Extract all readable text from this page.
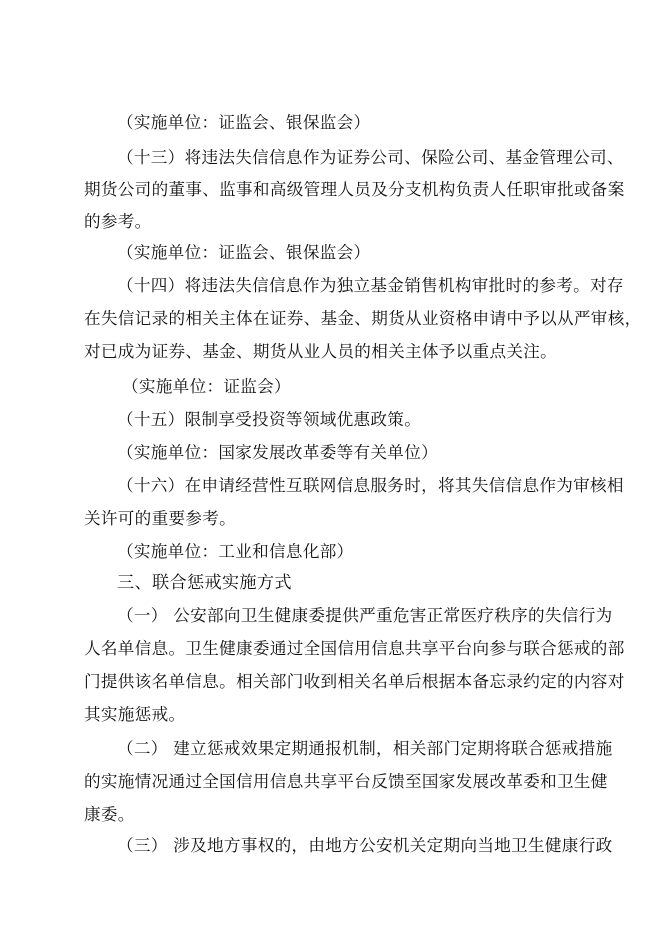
（实施单位：证监会、银保监会）
（十三）将违法失信信息作为证券公司、保险公司、基金管理公司、
期货公司的董事、监事和高级管理人员及分支机构负责人任职审批或备案
的参考。
（实施单位：证监会、银保监会）
（十四）将违法失信信息作为独立基金销售机构审批时的参考。对存
在失信记录的相关主体在证券、基金、期货从业资格申请中予以从严审核，
对已成为证券、基金、期货从业人员的相关主体予以重点关注。
（实施单位：证监会）
（十五）限制享受投资等领域优惠政策。
（实施单位：国家发展改革委等有关单位）
（十六）在申请经营性互联网信息服务时，将其失信信息作为审核相
关许可的重要参考。
（实施单位：工业和信息化部）
三、联合惩戒实施方式
（一） 公安部向卫生健康委提供严重危害正常医疗秩序的失信行为
人名单信息。卫生健康委通过全国信用信息共享平台向参与联合惩戒的部
门提供该名单信息。相关部门收到相关名单后根据本备忘录约定的内容对
其实施惩戒。
（二） 建立惩戒效果定期通报机制，相关部门定期将联合惩戒措施
的实施情况通过全国信用信息共享平台反馈至国家发展改革委和卫生健
康委。
（三） 涉及地方事权的，由地方公安机关定期向当地卫生健康行政
